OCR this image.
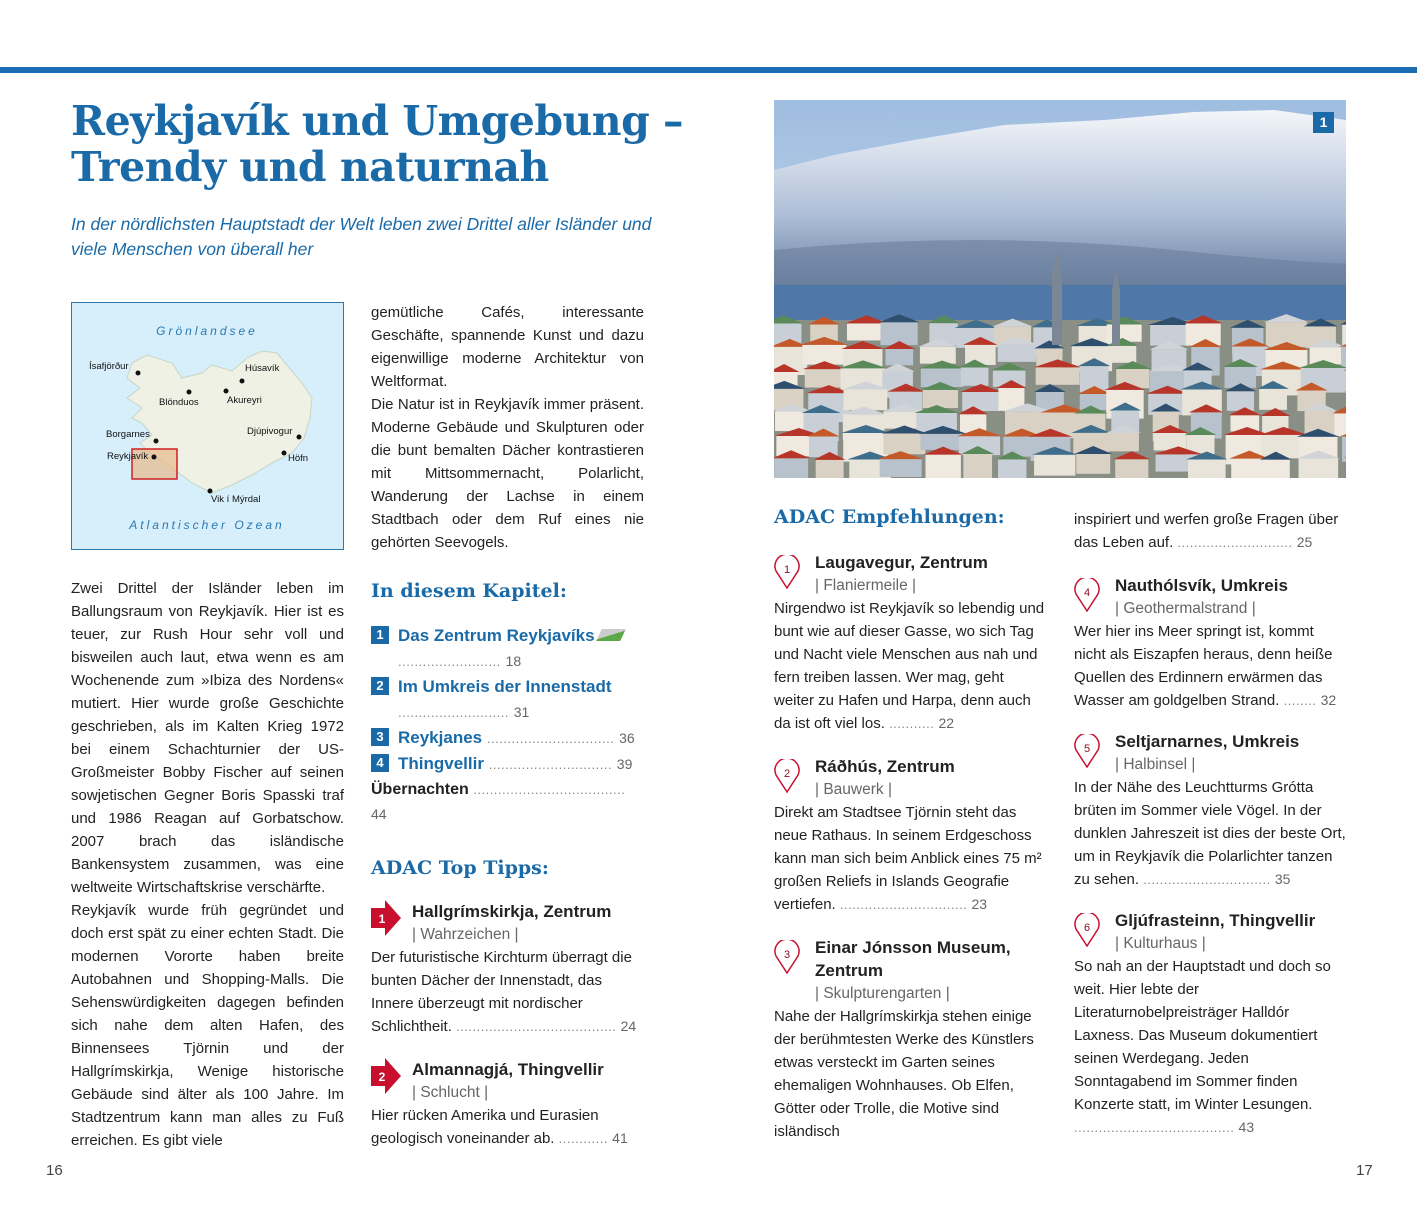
Reykjavík und Umgebung –
Trendy und naturnah

In der nördlichsten Hauptstadt der Welt leben zwei Drittel aller Isländer und viele Menschen von überall her

Grönlandsee
Atlantischer Ozean
Ísafjörður	Húsavík
Blönduos	Akureyri
Borgarnes	Djúpivogur
Reykjavík	Höfn
Vik í Mýrdal

Zwei Drittel der Isländer leben im Ballungsraum von Reykjavík. Hier ist es teuer, zur Rush Hour sehr voll und bisweilen auch laut, etwa wenn es am Wochenende zum »Ibiza des Nordens« mutiert. Hier wurde große Geschichte geschrieben, als im Kalten Krieg 1972 bei einem Schachturnier der US-Großmeister Bobby Fischer auf seinen sowjetischen Gegner Boris Spasski traf und 1986 Reagan auf Gorbatschow. 2007 brach das isländische Bankensystem zusammen, was eine weltweite Wirtschaftskrise verschärfte.

Reykjavík wurde früh gegründet und doch erst spät zu einer echten Stadt. Die modernen Vororte haben breite Autobahnen und Shopping-Malls. Die Sehenswürdigkeiten dagegen befinden sich nahe dem alten Hafen, des Binnensees Tjörnin und der Hallgrímskirkja, Wenige historische Gebäude sind älter als 100 Jahre. Im Stadtzentrum kann man alles zu Fuß erreichen. Es gibt viele

gemütliche Cafés, interessante Geschäfte, spannende Kunst und dazu eigenwillige moderne Architektur von Weltformat.

Die Natur ist in Reykjavík immer präsent. Moderne Gebäude und Skulpturen oder die bunt bemalten Dächer kontrastieren mit Mittsommernacht, Polarlicht, Wanderung der Lachse in einem Stadtbach oder dem Ruf eines nie gehörten Seevogels.

In diesem Kapitel:
1 Das Zentrum Reykjavíks  ......................... 18
2 Im Umkreis der Innenstadt ........................... 31
3 Reykjanes ............................... 36
4 Thingvellir .............................. 39
Übernachten ..................................... 44
ADAC Top Tipps:
1 Hallgrímskirkja, Zentrum
| Wahrzeichen |
Der futuristische Kirchturm überragt die bunten Dächer der Innenstadt, das Innere überzeugt mit nordischer Schlichtheit. ....................................... 24
2 Almannagjá, Thingvellir
| Schlucht |
Hier rücken Amerika und Eurasien geologisch voneinander ab. ............ 41
1
ADAC Empfehlungen:
1 Laugavegur, Zentrum
| Flaniermeile |
Nirgendwo ist Reykjavík so lebendig und bunt wie auf dieser Gasse, wo sich Tag und Nacht viele Menschen aus nah und fern treiben lassen. Wer mag, geht weiter zu Hafen und Harpa, denn auch da ist oft viel los. ........... 22
2 Ráðhús, Zentrum
| Bauwerk |
Direkt am Stadtsee Tjörnin steht das neue Rathaus. In seinem Erdgeschoss kann man sich beim Anblick eines 75 m² großen Reliefs in Islands Geografie vertiefen. ............................... 23
3 Einar Jónsson Museum, Zentrum
| Skulpturengarten |
Nahe der Hallgrímskirkja stehen einige der berühmtesten Werke des Künstlers etwas versteckt im Garten seines ehemaligen Wohnhauses. Ob Elfen, Götter oder Trolle, die Motive sind isländisch
inspiriert und werfen große Fragen über das Leben auf. ............................ 25
4 Nauthólsvík, Umkreis
| Geothermalstrand |
Wer hier ins Meer springt ist, kommt nicht als Eiszapfen heraus, denn heiße Quellen des Erdinnern erwärmen das Wasser am goldgelben Strand. ........ 32
5 Seltjarnarnes, Umkreis
| Halbinsel |
In der Nähe des Leuchtturms Grótta brüten im Sommer viele Vögel. In der dunklen Jahreszeit ist dies der beste Ort, um in Reykjavík die Polarlichter tanzen zu sehen. ............................... 35
6 Gljúfrasteinn, Thingvellir
| Kulturhaus |
So nah an der Hauptstadt und doch so weit. Hier lebte der Literaturnobelpreisträger Halldór Laxness. Das Museum dokumentiert seinen Werdegang. Jeden Sonntagabend im Sommer finden Konzerte statt, im Winter Lesungen. ....................................... 43
16	17
